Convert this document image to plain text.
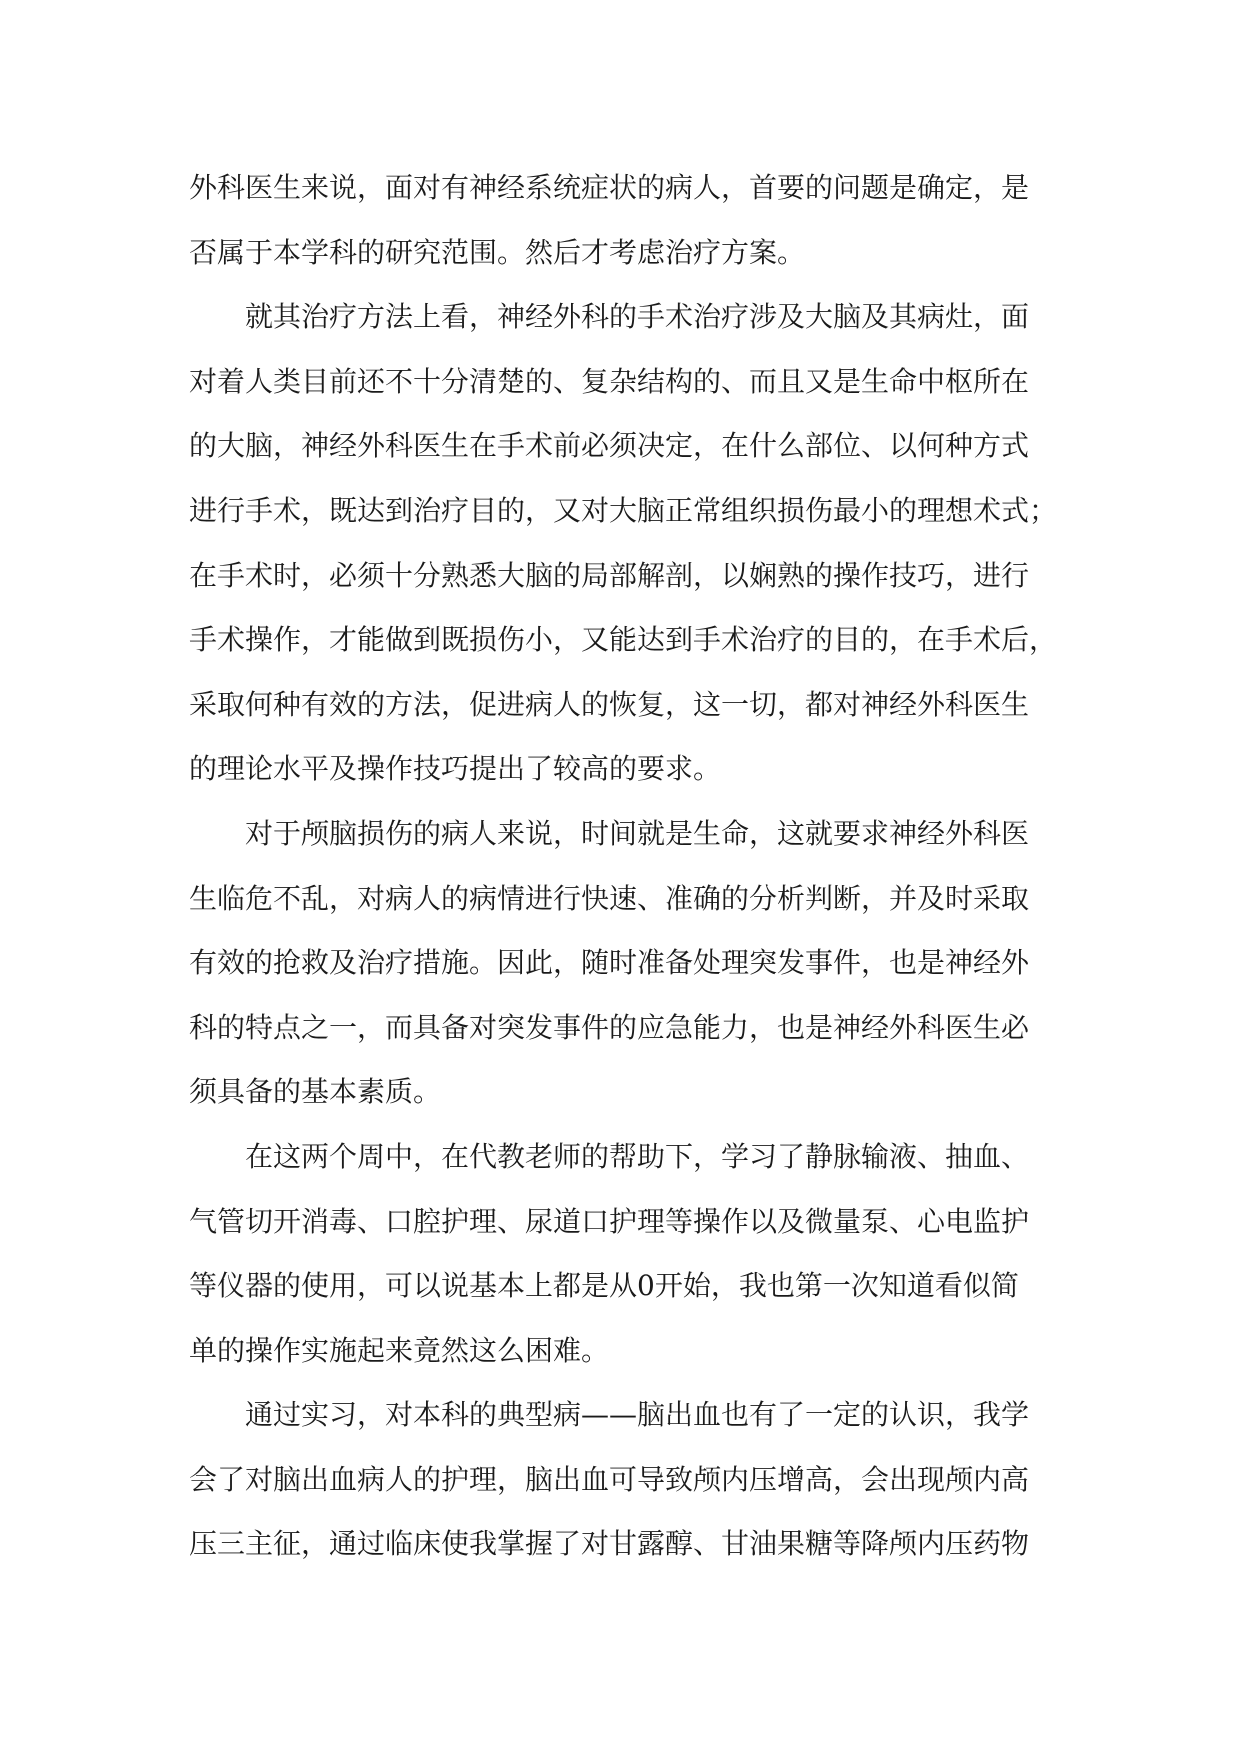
外科医生来说，面对有神经系统症状的病人，首要的问题是确定，是
否属于本学科的研究范围。然后才考虑治疗方案。
就其治疗方法上看，神经外科的手术治疗涉及大脑及其病灶，面
对着人类目前还不十分清楚的、复杂结构的、而且又是生命中枢所在
的大脑，神经外科医生在手术前必须决定，在什么部位、以何种方式
进行手术，既达到治疗目的，又对大脑正常组织损伤最小的理想术式；
在手术时，必须十分熟悉大脑的局部解剖，以娴熟的操作技巧，进行
手术操作，才能做到既损伤小，又能达到手术治疗的目的，在手术后，
采取何种有效的方法，促进病人的恢复，这一切，都对神经外科医生
的理论水平及操作技巧提出了较高的要求。
对于颅脑损伤的病人来说，时间就是生命，这就要求神经外科医
生临危不乱，对病人的病情进行快速、准确的分析判断，并及时采取
有效的抢救及治疗措施。因此，随时准备处理突发事件，也是神经外
科的特点之一，而具备对突发事件的应急能力，也是神经外科医生必
须具备的基本素质。
在这两个周中，在代教老师的帮助下，学习了静脉输液、抽血、
气管切开消毒、口腔护理、尿道口护理等操作以及微量泵、心电监护
等仪器的使用，可以说基本上都是从0开始，我也第一次知道看似简
单的操作实施起来竟然这么困难。
通过实习，对本科的典型病——脑出血也有了一定的认识，我学
会了对脑出血病人的护理，脑出血可导致颅内压增高，会出现颅内高
压三主征，通过临床使我掌握了对甘露醇、甘油果糖等降颅内压药物
